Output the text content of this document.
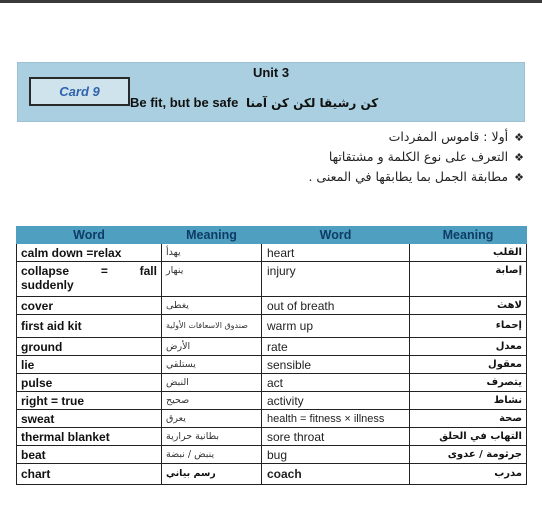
Card 9
Unit 3
Be fit, but be safe كن رشيقا لكن كن آمنا
❖أولا : قاموس المفردات
❖التعرف على نوع الكلمة و مشتقاتها
❖مطابقة الجمل بما يطابقها في المعنى .
Word	Meaning	Word	Meaning
calm down =relax	يهدأ	heart	القلب

collapse = fall
suddenly	ينهار	injury	إصابة
cover	يغطى	out of breath	لاهث
first aid kit	صندوق الاسعافات الأولية	warm up	إحماء
ground	الأرض	rate	معدل
lie	يستلقي	sensible	معقول
pulse	النبض	act	يتصرف
right = true	صحيح	activity	نشاط
sweat	يعرق	health = fitness × illness	صحة
thermal blanket	بطانية حرارية	sore throat	التهاب في الحلق
beat	ينبض / نبضة	bug	جرثومة / عدوى
chart	رسم بياني	coach	مدرب
